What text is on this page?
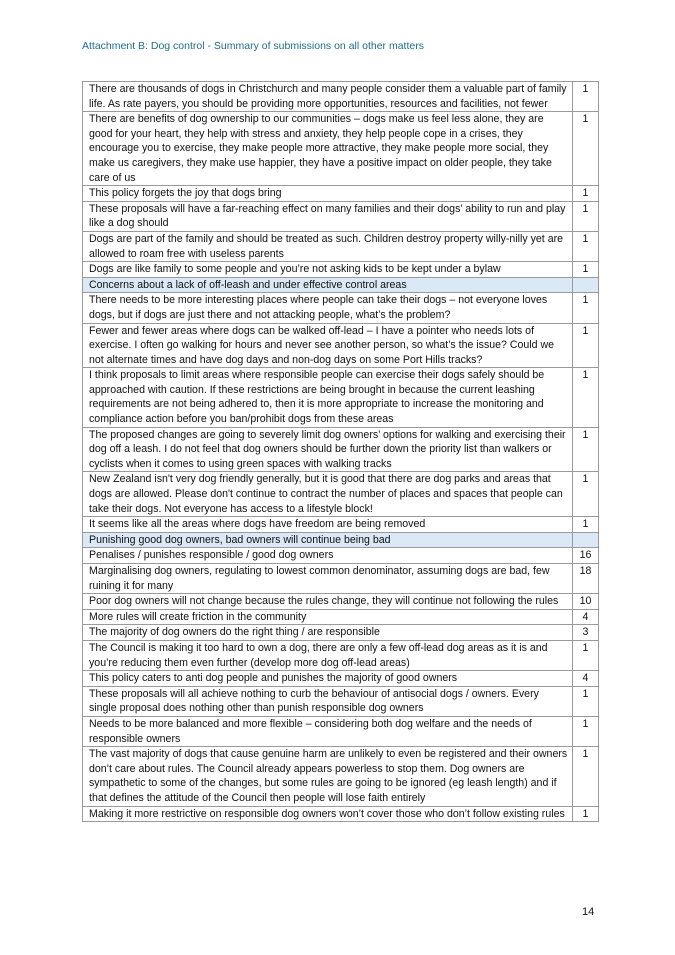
Attachment B: Dog control - Summary of submissions on all other matters
There are thousands of dogs in Christchurch and many people consider them a valuable part of family life. As rate payers, you should be providing more opportunities, resources and facilities, not fewer	1
There are benefits of dog ownership to our communities – dogs make us feel less alone, they are good for your heart, they help with stress and anxiety, they help people cope in a crises, they encourage you to exercise, they make people more attractive, they make people more social, they make us caregivers, they make use happier, they have a positive impact on older people, they take care of us	1
This policy forgets the joy that dogs bring	1
These proposals will have a far-reaching effect on many families and their dogs’ ability to run and play like a dog should	1
Dogs are part of the family and should be treated as such. Children destroy property willy-nilly yet are allowed to roam free with useless parents	1
Dogs are like family to some people and you’re not asking kids to be kept under a bylaw	1
Concerns about a lack of off-leash and under effective control areas	
There needs to be more interesting places where people can take their dogs – not everyone loves dogs, but if dogs are just there and not attacking people, what’s the problem?	1
Fewer and fewer areas where dogs can be walked off-lead – I have a pointer who needs lots of exercise. I often go walking for hours and never see another person, so what’s the issue? Could we not alternate times and have dog days and non-dog days on some Port Hills tracks?	1
I think proposals to limit areas where responsible people can exercise their dogs safely should be approached with caution. If these restrictions are being brought in because the current leashing requirements are not being adhered to, then it is more appropriate to increase the monitoring and compliance action before you ban/prohibit dogs from these areas	1
The proposed changes are going to severely limit dog owners’ options for walking and exercising their dog off a leash. I do not feel that dog owners should be further down the priority list than walkers or cyclists when it comes to using green spaces with walking tracks	1
New Zealand isn't very dog friendly generally, but it is good that there are dog parks and areas that dogs are allowed. Please don't continue to contract the number of places and spaces that people can take their dogs. Not everyone has access to a lifestyle block!	1
It seems like all the areas where dogs have freedom are being removed	1
Punishing good dog owners, bad owners will continue being bad	
Penalises / punishes responsible / good dog owners	16
Marginalising dog owners, regulating to lowest common denominator, assuming dogs are bad, few ruining it for many	18
Poor dog owners will not change because the rules change, they will continue not following the rules	10
More rules will create friction in the community	4
The majority of dog owners do the right thing / are responsible	3
The Council is making it too hard to own a dog, there are only a few off-lead dog areas as it is and you’re reducing them even further (develop more dog off-lead areas)	1
This policy caters to anti dog people and punishes the majority of good owners	4
These proposals will all achieve nothing to curb the behaviour of antisocial dogs / owners. Every single proposal does nothing other than punish responsible dog owners	1
Needs to be more balanced and more flexible – considering both dog welfare and the needs of responsible owners	1
The vast majority of dogs that cause genuine harm are unlikely to even be registered and their owners don’t care about rules. The Council already appears powerless to stop them. Dog owners are sympathetic to some of the changes, but some rules are going to be ignored (eg leash length) and if that defines the attitude of the Council then people will lose faith entirely	1
Making it more restrictive on responsible dog owners won’t cover those who don’t follow existing rules	1
14
